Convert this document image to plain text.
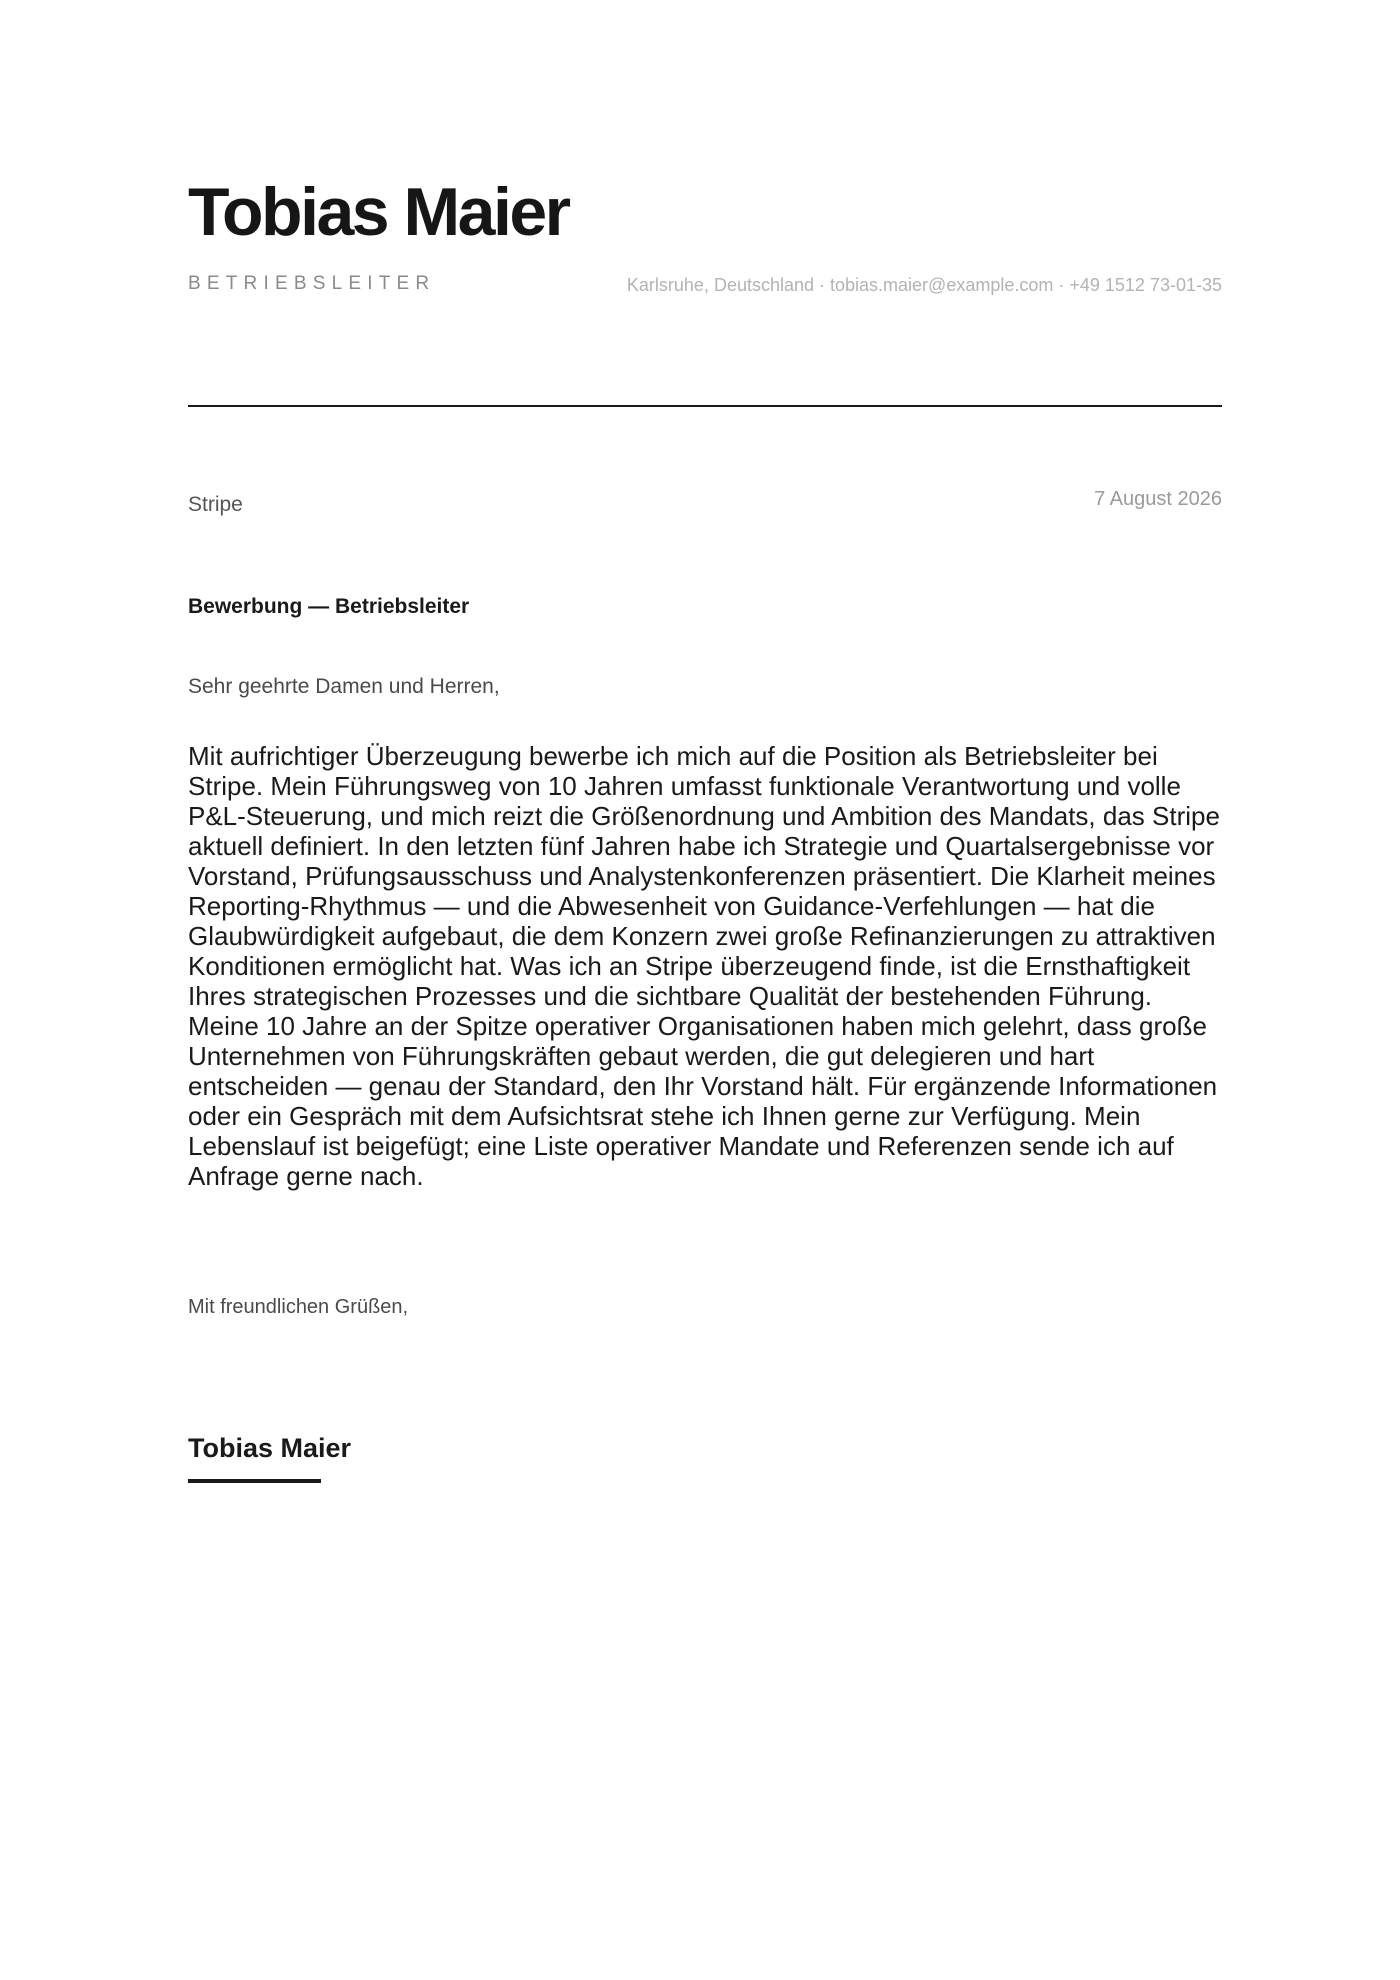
Tobias Maier
BETRIEBSLEITER	Karlsruhe, Deutschland · tobias.maier@example.com · +49 1512 73-01-35
Stripe	7 August 2026
Bewerbung — Betriebsleiter
Sehr geehrte Damen und Herren,

Mit aufrichtiger Überzeugung bewerbe ich mich auf die Position als Betriebsleiter bei Stripe. Mein Führungsweg von 10 Jahren umfasst funktionale Verantwortung und volle P&L-Steuerung, und mich reizt die Größenordnung und Ambition des Mandats, das Stripe aktuell definiert. In den letzten fünf Jahren habe ich Strategie und Quartalsergebnisse vor Vorstand, Prüfungsausschuss und Analystenkonferenzen präsentiert. Die Klarheit meines Reporting-Rhythmus — und die Abwesenheit von Guidance-Verfehlungen — hat die Glaubwürdigkeit aufgebaut, die dem Konzern zwei große Refinanzierungen zu attraktiven Konditionen ermöglicht hat. Was ich an Stripe überzeugend finde, ist die Ernsthaftigkeit Ihres strategischen Prozesses und die sichtbare Qualität der bestehenden Führung. Meine 10 Jahre an der Spitze operativer Organisationen haben mich gelehrt, dass große Unternehmen von Führungskräften gebaut werden, die gut delegieren und hart entscheiden — genau der Standard, den Ihr Vorstand hält. Für ergänzende Informationen oder ein Gespräch mit dem Aufsichtsrat stehe ich Ihnen gerne zur Verfügung. Mein Lebenslauf ist beigefügt; eine Liste operativer Mandate und Referenzen sende ich auf Anfrage gerne nach.

Mit freundlichen Grüßen,
Tobias Maier
